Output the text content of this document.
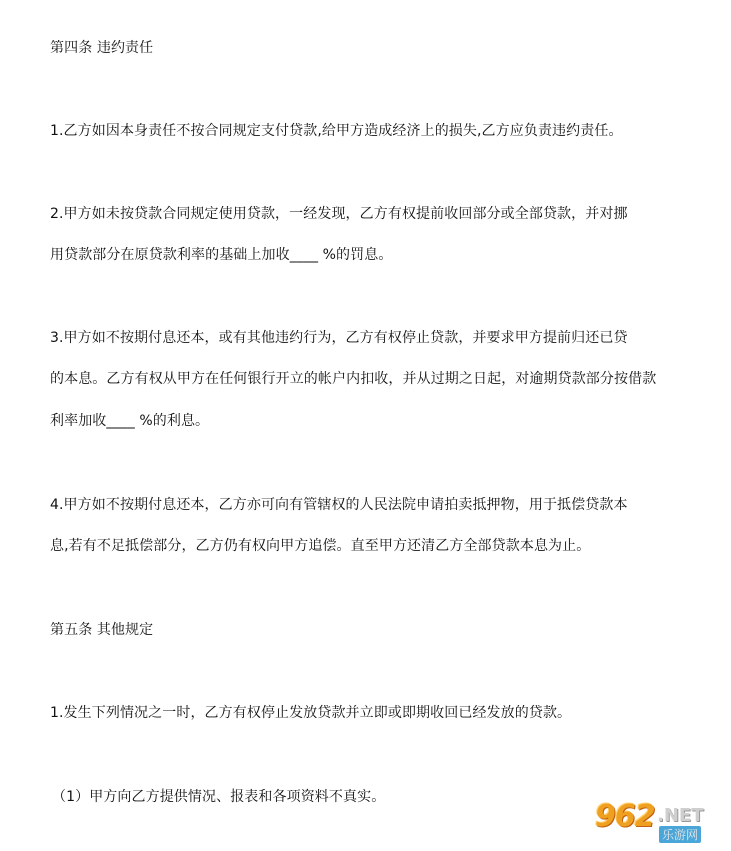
第四条 违约责任
1.乙方如因本身责任不按合同规定支付贷款,给甲方造成经济上的损失,乙方应负责违约责任。
2.甲方如未按贷款合同规定使用贷款，一经发现，乙方有权提前收回部分或全部贷款，并对挪
用贷款部分在原贷款利率的基础上加收____ %的罚息。
3.甲方如不按期付息还本，或有其他违约行为，乙方有权停止贷款，并要求甲方提前归还已贷
的本息。乙方有权从甲方在任何银行开立的帐户内扣收，并从过期之日起，对逾期贷款部分按借款
利率加收____ %的利息。
4.甲方如不按期付息还本，乙方亦可向有管辖权的人民法院申请拍卖抵押物，用于抵偿贷款本
息,若有不足抵偿部分，乙方仍有权向甲方追偿。直至甲方还清乙方全部贷款本息为止。
第五条 其他规定
1.发生下列情况之一时，乙方有权停止发放贷款并立即或即期收回已经发放的贷款。
（1）甲方向乙方提供情况、报表和各项资料不真实。
962 .NET
乐游网
